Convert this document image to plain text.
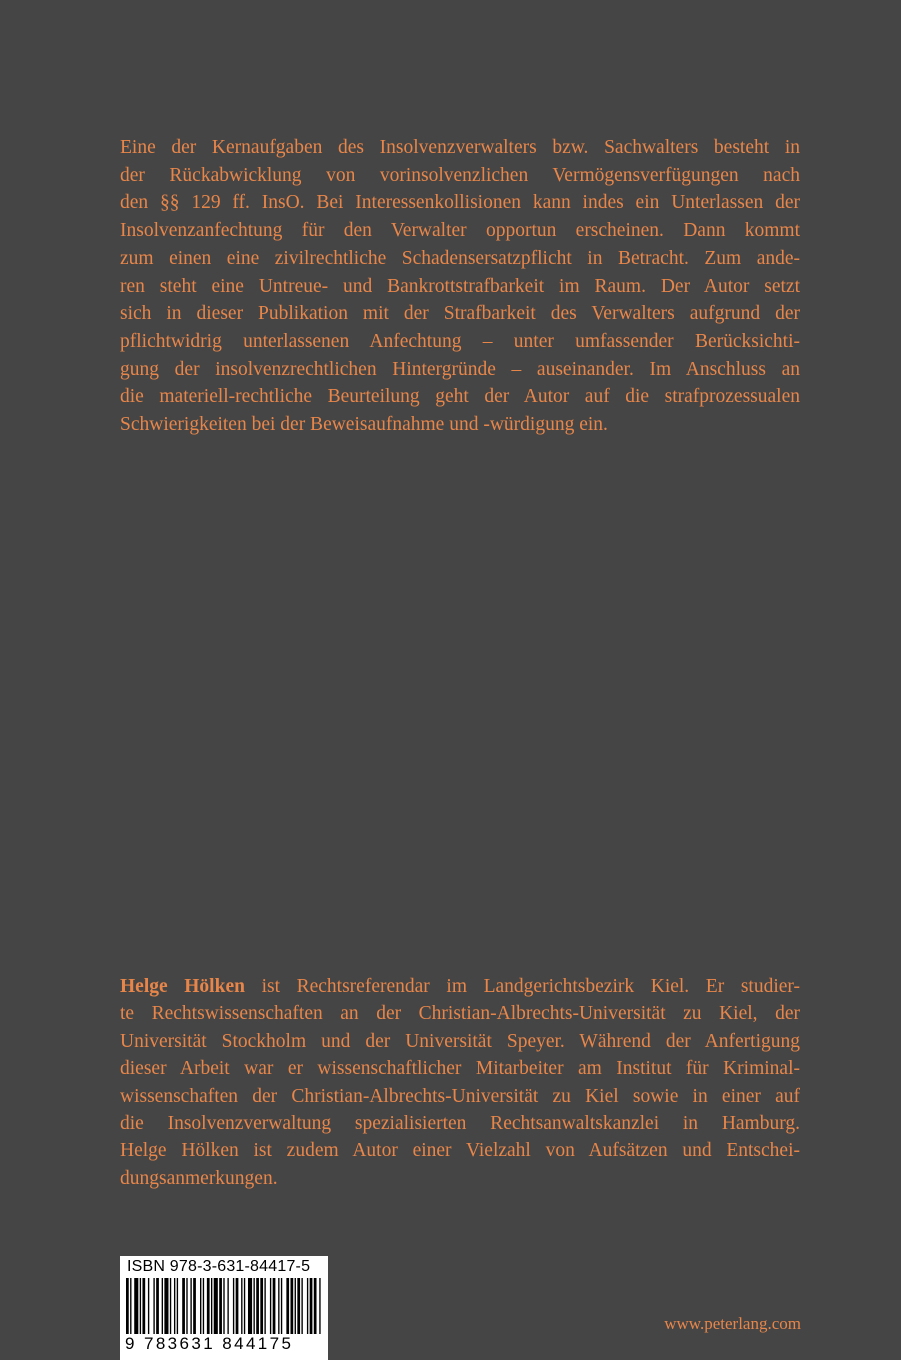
Eine der Kernaufgaben des Insolvenzverwalters bzw. Sachwalters besteht in
der Rückabwicklung von vorinsolvenzlichen Vermögensverfügungen nach
den §§ 129 ff. InsO. Bei Interessenkollisionen kann indes ein Unterlassen der
Insolvenzanfechtung für den Verwalter opportun erscheinen. Dann kommt
zum einen eine zivilrechtliche Schadensersatzpflicht in Betracht. Zum ande-
ren steht eine Untreue- und Bankrottstrafbarkeit im Raum. Der Autor setzt
sich in dieser Publikation mit der Strafbarkeit des Verwalters aufgrund der
pflichtwidrig unterlassenen Anfechtung – unter umfassender Berücksichti-
gung der insolvenzrechtlichen Hintergründe – auseinander. Im Anschluss an
die materiell-rechtliche Beurteilung geht der Autor auf die strafprozessualen
Schwierigkeiten bei der Beweisaufnahme und -würdigung ein.
Helge Hölken ist Rechtsreferendar im Landgerichtsbezirk Kiel. Er studier-
te Rechtswissenschaften an der Christian-Albrechts-Universität zu Kiel, der
Universität Stockholm und der Universität Speyer. Während der Anfertigung
dieser Arbeit war er wissenschaftlicher Mitarbeiter am Institut für Kriminal-
wissenschaften der Christian-Albrechts-Universität zu Kiel sowie in einer auf
die Insolvenzverwaltung spezialisierten Rechtsanwaltskanzlei in Hamburg.
Helge Hölken ist zudem Autor einer Vielzahl von Aufsätzen und Entschei-
dungsanmerkungen.
ISBN 978-3-631-84417-5
9 783631 844175
www.peterlang.com
